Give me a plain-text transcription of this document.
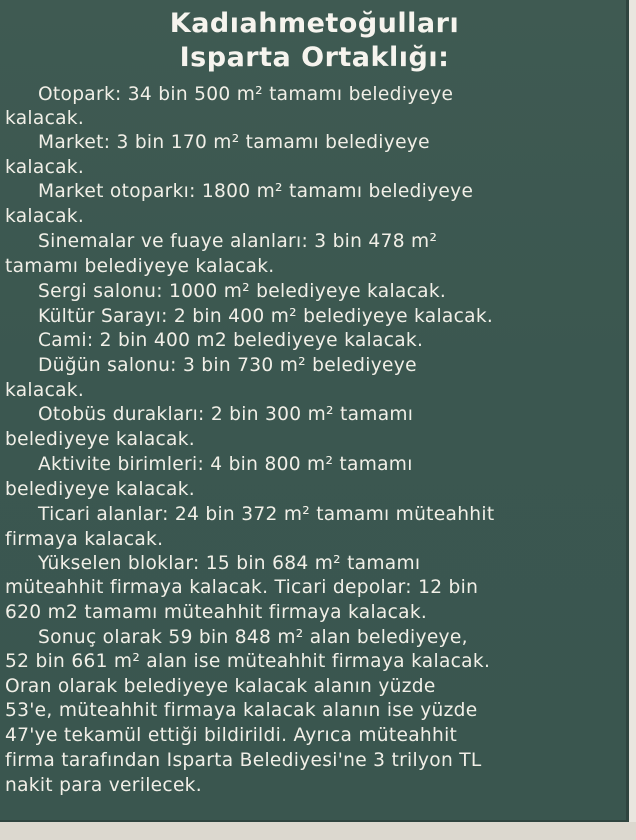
Kadıahmetoğulları
Isparta Ortaklığı:

Otopark: 34 bin 500 m² tamamı belediyeye

kalacak.

Market: 3 bin 170 m² tamamı belediyeye

kalacak.

Market otoparkı: 1800 m² tamamı belediyeye

kalacak.

Sinemalar ve fuaye alanları: 3 bin 478 m²

tamamı belediyeye kalacak.

Sergi salonu: 1000 m² belediyeye kalacak.

Kültür Sarayı: 2 bin 400 m² belediyeye kalacak.

Cami: 2 bin 400 m2 belediyeye kalacak.

Düğün salonu: 3 bin 730 m² belediyeye

kalacak.

Otobüs durakları: 2 bin 300 m² tamamı

belediyeye kalacak.

Aktivite birimleri: 4 bin 800 m² tamamı

belediyeye kalacak.

Ticari alanlar: 24 bin 372 m² tamamı müteahhit

firmaya kalacak.

Yükselen bloklar: 15 bin 684 m² tamamı

müteahhit firmaya kalacak. Ticari depolar: 12 bin

620 m2 tamamı müteahhit firmaya kalacak.

Sonuç olarak 59 bin 848 m² alan belediyeye,

52 bin 661 m² alan ise müteahhit firmaya kalacak.

Oran olarak belediyeye kalacak alanın yüzde

53'e, müteahhit firmaya kalacak alanın ise yüzde

47'ye tekamül ettiği bildirildi. Ayrıca müteahhit

firma tarafından Isparta Belediyesi'ne 3 trilyon TL

nakit para verilecek.
